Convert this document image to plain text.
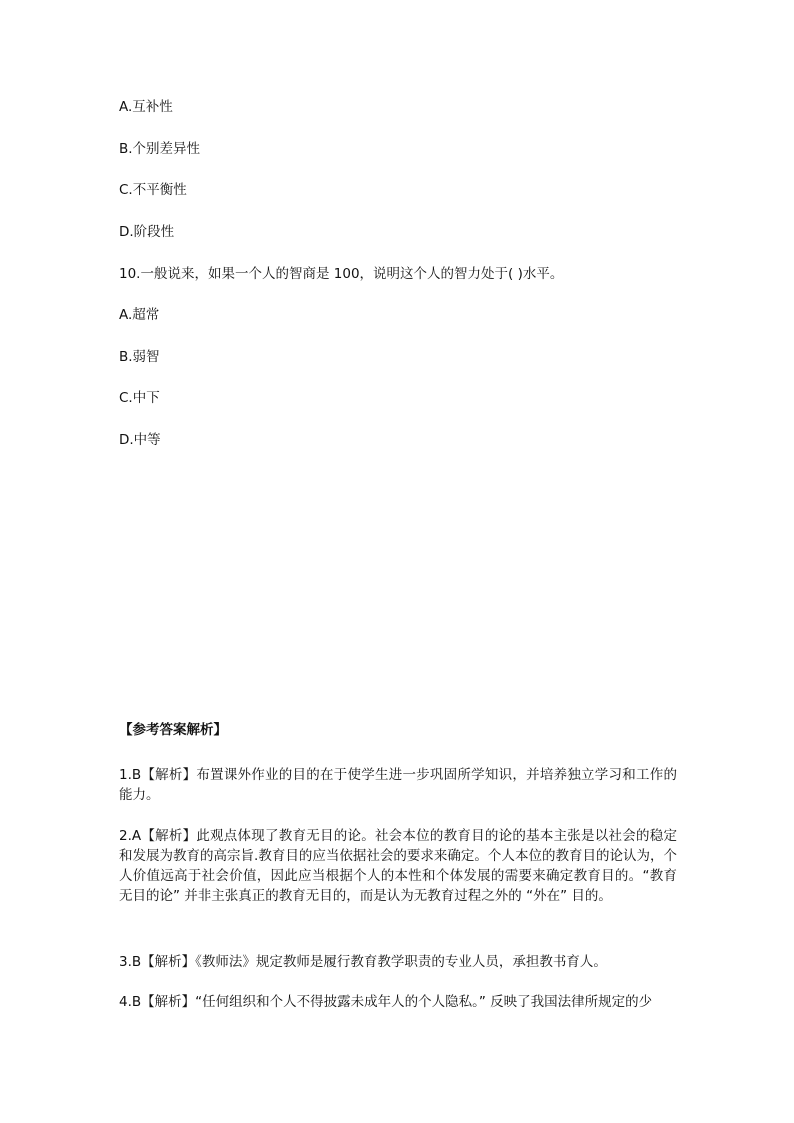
A.互补性
B.个别差异性
C.不平衡性
D.阶段性
10.一般说来，如果一个人的智商是 100，说明这个人的智力处于( )水平。
A.超常
B.弱智
C.中下
D.中等
【参考答案解析】
1.B【解析】布置课外作业的目的在于使学生进一步巩固所学知识，并培养独立学习和工作的能力。
2.A【解析】此观点体现了教育无目的论。社会本位的教育目的论的基本主张是以社会的稳定和发展为教育的高宗旨.教育目的应当依据社会的要求来确定。个人本位的教育目的论认为，个人价值远高于社会价值，因此应当根据个人的本性和个体发展的需要来确定教育目的。“教育无目的论” 并非主张真正的教育无目的，而是认为无教育过程之外的 “外在” 目的。
3.B【解析】《教师法》规定教师是履行教育教学职责的专业人员，承担教书育人。
4.B【解析】“任何组织和个人不得披露未成年人的个人隐私。” 反映了我国法律所规定的少
